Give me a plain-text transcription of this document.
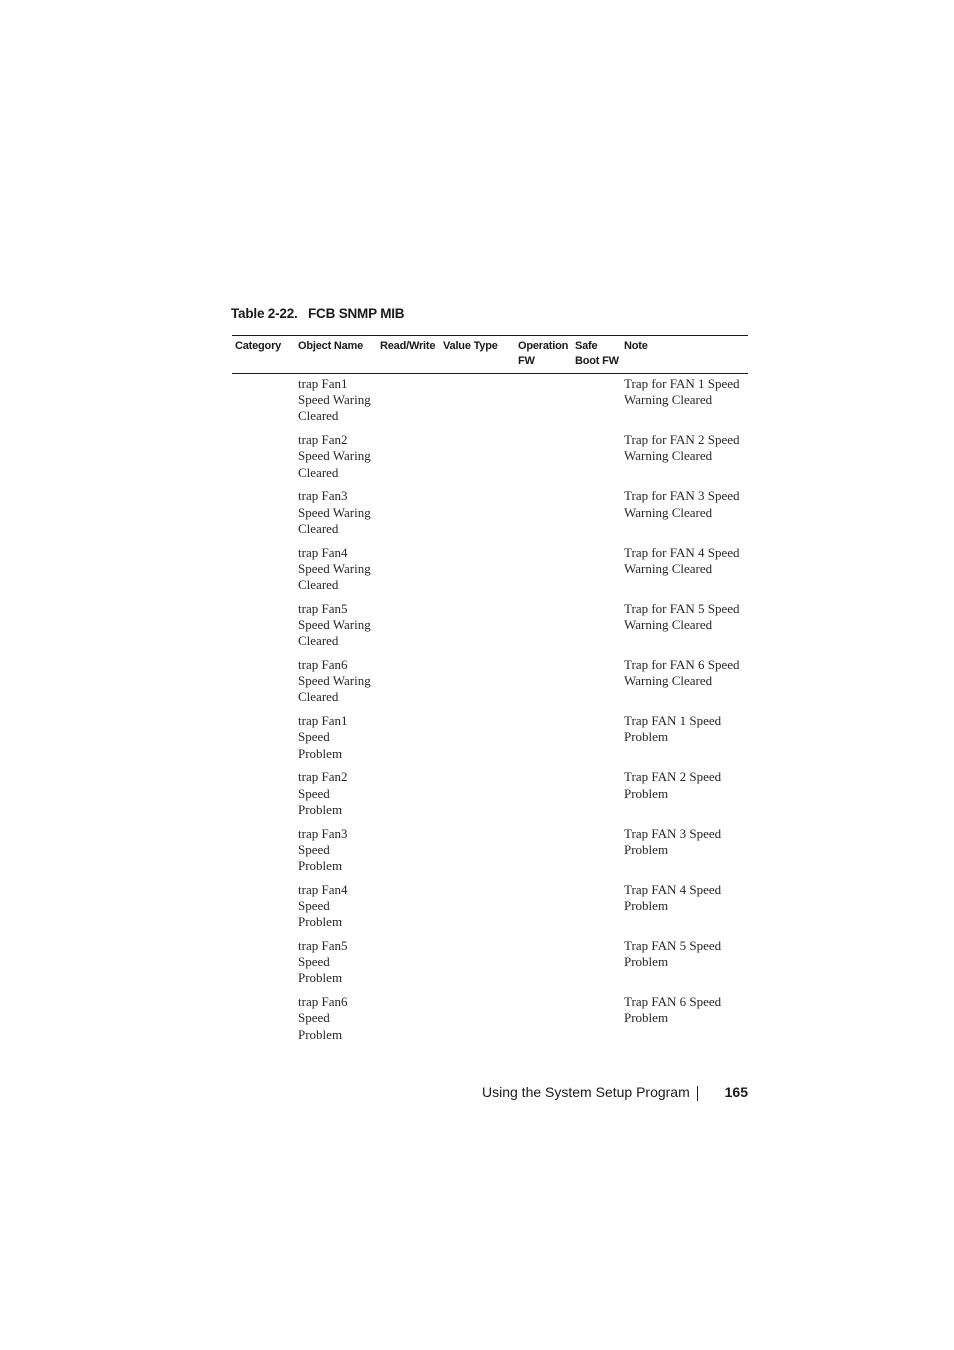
Table 2-22. FCB SNMP MIB
Category Object Name Read/Write Value Type Operation
FW
Safe
Boot FW
Note
trap Fan1
Speed Waring
Cleared
Trap for FAN 1 Speed
Warning Cleared
trap Fan2
Speed Waring
Cleared
Trap for FAN 2 Speed
Warning Cleared
trap Fan3
Speed Waring
Cleared
Trap for FAN 3 Speed
Warning Cleared
trap Fan4
Speed Waring
Cleared
Trap for FAN 4 Speed
Warning Cleared
trap Fan5
Speed Waring
Cleared
Trap for FAN 5 Speed
Warning Cleared
trap Fan6
Speed Waring
Cleared
Trap for FAN 6 Speed
Warning Cleared
trap Fan1
Speed
Problem
Trap FAN 1 Speed
Problem
trap Fan2
Speed
Problem
Trap FAN 2 Speed
Problem
trap Fan3
Speed
Problem
Trap FAN 3 Speed
Problem
trap Fan4
Speed
Problem
Trap FAN 4 Speed
Problem
trap Fan5
Speed
Problem
Trap FAN 5 Speed
Problem
trap Fan6
Speed
Problem
Trap FAN 6 Speed
Problem
Using the System Setup Program 165
